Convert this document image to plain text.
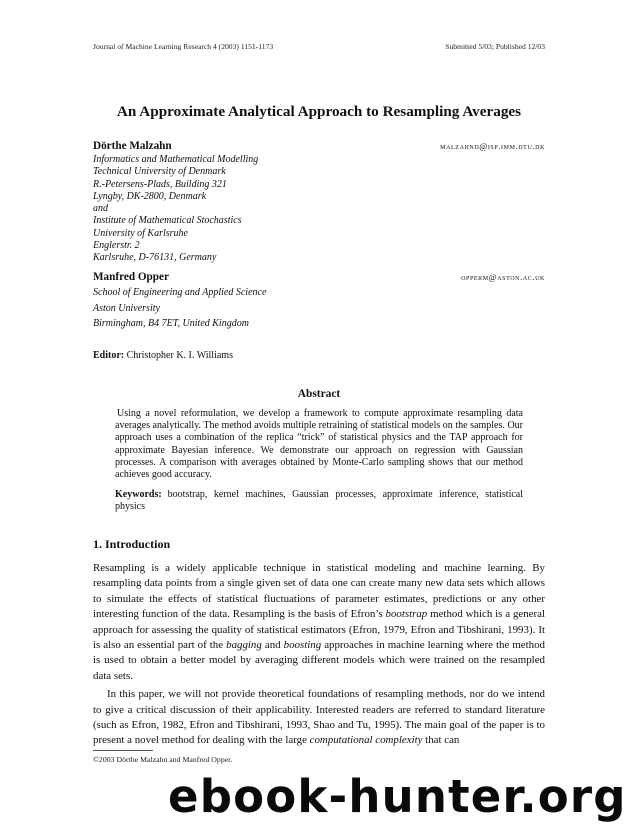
Journal of Machine Learning Research 4 (2003) 1151-1173	Submitted 5/03; Published 12/03
An Approximate Analytical Approach to Resampling Averages
Dörthe Malzahn	malzahnd@isp.imm.dtu.dk
Informatics and Mathematical Modelling
Technical University of Denmark
R.-Petersens-Plads, Building 321
Lyngby, DK-2800, Denmark
and
Institute of Mathematical Stochastics
University of Karlsruhe
Englerstr. 2
Karlsruhe, D-76131, Germany
Manfred Opper	opperm@aston.ac.uk
School of Engineering and Applied Science
Aston University
Birmingham, B4 7ET, United Kingdom
Editor: Christopher K. I. Williams
Abstract

Using a novel reformulation, we develop a framework to compute approximate resampling data averages analytically. The method avoids multiple retraining of statistical models on the samples. Our approach uses a combination of the replica “trick” of statistical physics and the TAP approach for approximate Bayesian inference. We demonstrate our approach on regression with Gaussian processes. A comparison with averages obtained by Monte-Carlo sampling shows that our method achieves good accuracy.

Keywords: bootstrap, kernel machines, Gaussian processes, approximate inference, statistical physics
1. Introduction

Resampling is a widely applicable technique in statistical modeling and machine learning. By resampling data points from a single given set of data one can create many new data sets which allows to simulate the effects of statistical fluctuations of parameter estimates, predictions or any other interesting function of the data. Resampling is the basis of Efron’s bootstrap method which is a general approach for assessing the quality of statistical estimators (Efron, 1979, Efron and Tibshirani, 1993). It is also an essential part of the bagging and boosting approaches in machine learning where the method is used to obtain a better model by averaging different models which were trained on the resampled data sets.

In this paper, we will not provide theoretical foundations of resampling methods, nor do we intend to give a critical discussion of their applicability. Interested readers are referred to standard literature (such as Efron, 1982, Efron and Tibshirani, 1993, Shao and Tu, 1995). The main goal of the paper is to present a novel method for dealing with the large computational complexity that can

©2003 Dörthe Malzahn and Manfred Opper.
ebook-hunter.org
